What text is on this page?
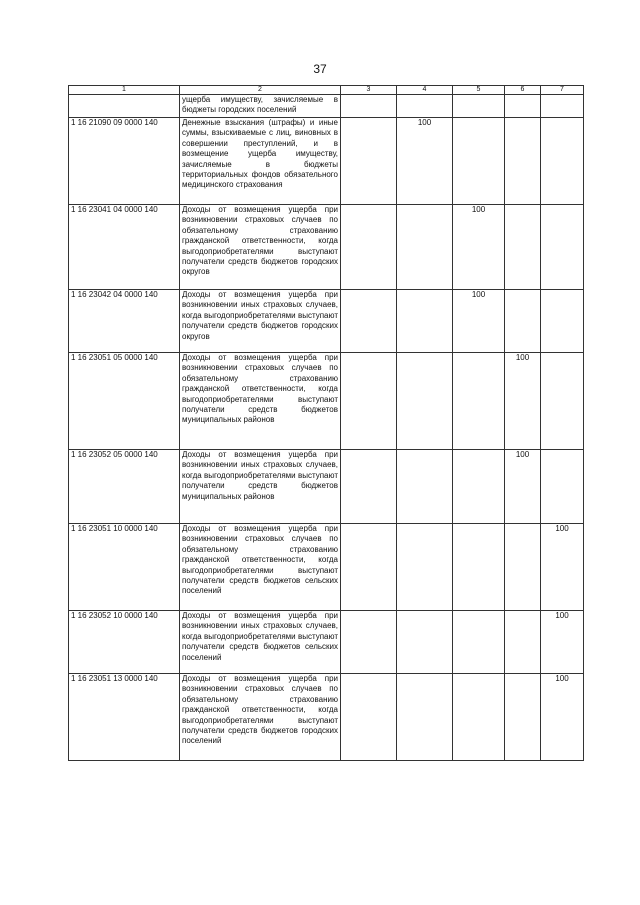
37
1	2	3	4	5	6	7
	ущерба имуществу, зачисляемые в бюджеты городских поселений					
1 16 21090 09 0000 140	Денежные взыскания (штрафы) и иные суммы, взыскиваемые с лиц, виновных в совершении преступлений, и в возмещение ущерба имуществу, зачисляемые в бюджеты территориальных фондов обязательного медицинского страхования		100			
1 16 23041 04 0000 140	Доходы от возмещения ущерба при возникновении страховых случаев по обязательному страхованию гражданской ответственности, когда выгодоприобретателями выступают получатели средств бюджетов городских округов			100		
1 16 23042 04 0000 140	Доходы от возмещения ущерба при возникновении иных страховых случаев, когда выгодоприобретателями выступают получатели средств бюджетов городских округов			100		
1 16 23051 05 0000 140	Доходы от возмещения ущерба при возникновении страховых случаев по обязательному страхованию гражданской ответственности, когда выгодоприобретателями выступают получатели средств бюджетов муниципальных районов				100	
1 16 23052 05 0000 140	Доходы от возмещения ущерба при возникновении иных страховых случаев, когда выгодоприобретателями выступают получатели средств бюджетов муниципальных районов				100	
1 16 23051 10 0000 140	Доходы от возмещения ущерба при возникновении страховых случаев по обязательному страхованию гражданской ответственности, когда выгодоприобретателями выступают получатели средств бюджетов сельских поселений					100
1 16 23052 10 0000 140	Доходы от возмещения ущерба при возникновении иных страховых случаев, когда выгодоприобретателями выступают получатели средств бюджетов сельских поселений					100
1 16 23051 13 0000 140	Доходы от возмещения ущерба при возникновении страховых случаев по обязательному страхованию гражданской ответственности, когда выгодоприобретателями выступают получатели средств бюджетов городских поселений					100
